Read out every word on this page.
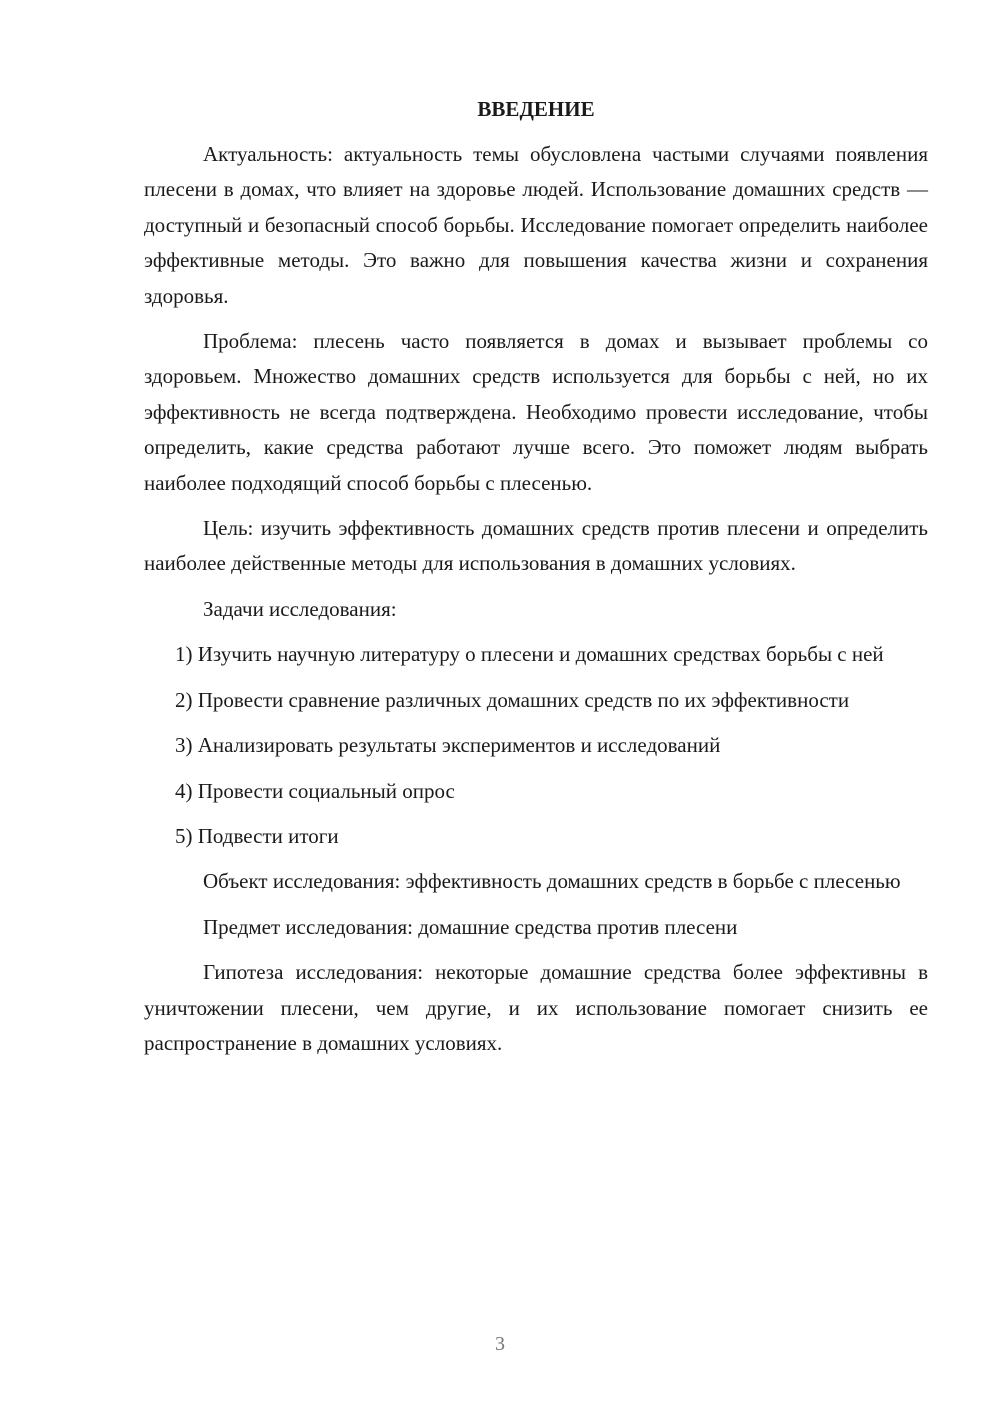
ВВЕДЕНИЕ

Актуальность: актуальность темы обусловлена частыми случаями появления плесени в домах, что влияет на здоровье людей. Использование домашних средств — доступный и безопасный способ борьбы. Исследование помогает определить наиболее эффективные методы. Это важно для повышения качества жизни и сохранения здоровья.

Проблема: плесень часто появляется в домах и вызывает проблемы со здоровьем. Множество домашних средств используется для борьбы с ней, но их эффективность не всегда подтверждена. Необходимо провести исследование, чтобы определить, какие средства работают лучше всего. Это поможет людям выбрать наиболее подходящий способ борьбы с плесенью.

Цель: изучить эффективность домашних средств против плесени и определить наиболее действенные методы для использования в домашних условиях.

Задачи исследования:

1) Изучить научную литературу о плесени и домашних средствах борьбы с ней

2) Провести сравнение различных домашних средств по их эффективности

3) Анализировать результаты экспериментов и исследований

4) Провести социальный опрос

5) Подвести итоги

Объект исследования: эффективность домашних средств в борьбе с плесенью

Предмет исследования: домашние средства против плесени

Гипотеза исследования: некоторые домашние средства более эффективны в уничтожении плесени, чем другие, и их использование помогает снизить ее распространение в домашних условиях.

3
